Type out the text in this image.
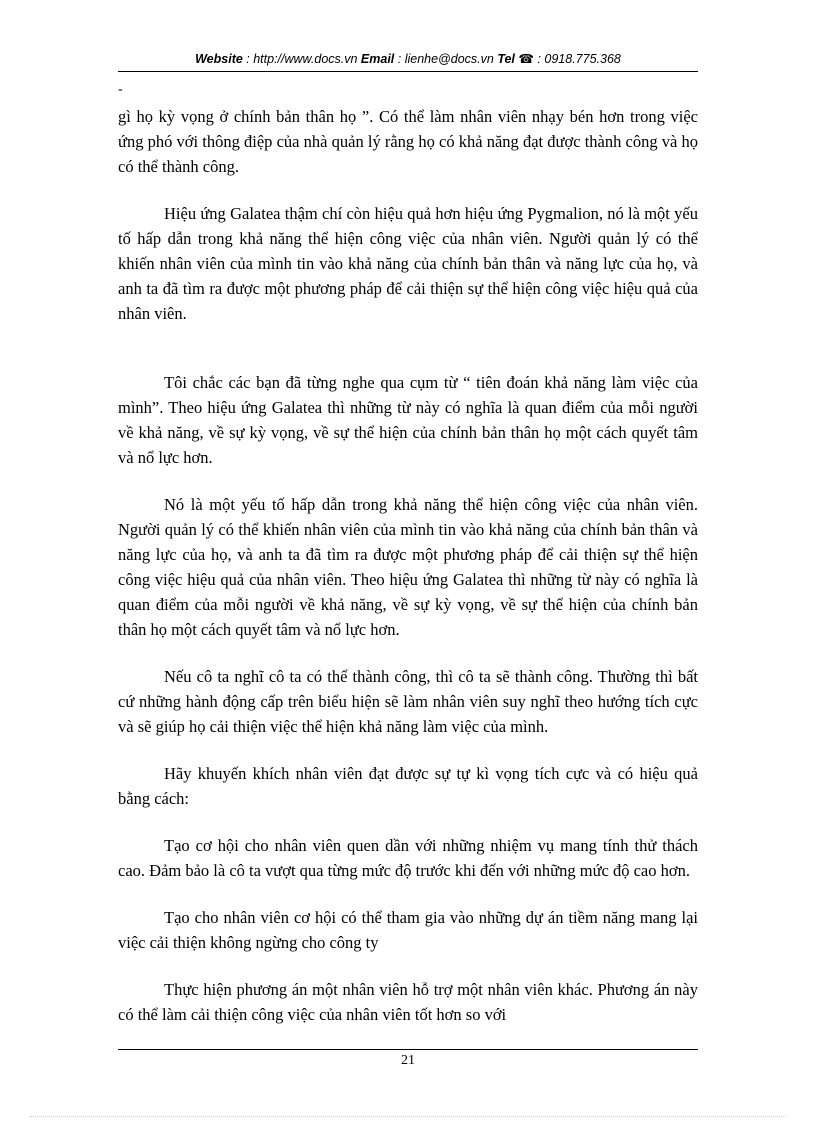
Website : http://www.docs.vn Email : lienhe@docs.vn Tel ☎ : 0918.775.368
-

gì họ kỳ vọng ở chính bản thân họ ”. Có thể làm nhân viên nhạy bén hơn trong việc ứng phó với thông điệp của nhà quản lý rằng họ có khả năng đạt được thành công và họ có thể thành công.

Hiệu ứng Galatea thậm chí còn hiệu quả hơn hiệu ứng Pygmalion, nó là một yếu tố hấp dẫn trong khả năng thể hiện công việc của nhân viên. Người quản lý có thể khiến nhân viên của mình tin vào khả năng của chính bản thân và năng lực của họ, và anh ta đã tìm ra được một phương pháp để cải thiện sự thể hiện công việc hiệu quả của nhân viên.

Tôi chắc các bạn đã từng nghe qua cụm từ “ tiên đoán khả năng làm việc của mình”. Theo hiệu ứng Galatea thì những từ này có nghĩa là quan điểm của mỗi người về khả năng, về sự kỳ vọng, về sự thể hiện của chính bản thân họ một cách quyết tâm và nổ lực hơn.

Nó là một yếu tố hấp dẫn trong khả năng thể hiện công việc của nhân viên. Người quản lý có thể khiến nhân viên của mình tin vào khả năng của chính bản thân và năng lực của họ, và anh ta đã tìm ra được một phương pháp để cải thiện sự thể hiện công việc hiệu quả của nhân viên. Theo hiệu ứng Galatea thì những từ này có nghĩa là quan điểm của mỗi người về khả năng, về sự kỳ vọng, về sự thể hiện của chính bản thân họ một cách quyết tâm và nổ lực hơn.

Nếu cô ta nghĩ cô ta có thể thành công, thì cô ta sẽ thành công. Thường thì bất cứ những hành động cấp trên biểu hiện sẽ làm nhân viên suy nghĩ theo hướng tích cực và sẽ giúp họ cải thiện việc thể hiện khả năng làm việc của mình.

Hãy khuyến khích nhân viên đạt được sự tự kì vọng tích cực và có hiệu quả bằng cách:

Tạo cơ hội cho nhân viên quen dần với những nhiệm vụ mang tính thử thách cao. Đảm bảo là cô ta vượt qua từng mức độ trước khi đến với những mức độ cao hơn.

Tạo cho nhân viên cơ hội có thể tham gia vào những dự án tiềm năng mang lại việc cải thiện không ngừng cho công ty

Thực hiện phương án một nhân viên hỗ trợ một nhân viên khác. Phương án này có thể làm cải thiện công việc của nhân viên tốt hơn so với

21
